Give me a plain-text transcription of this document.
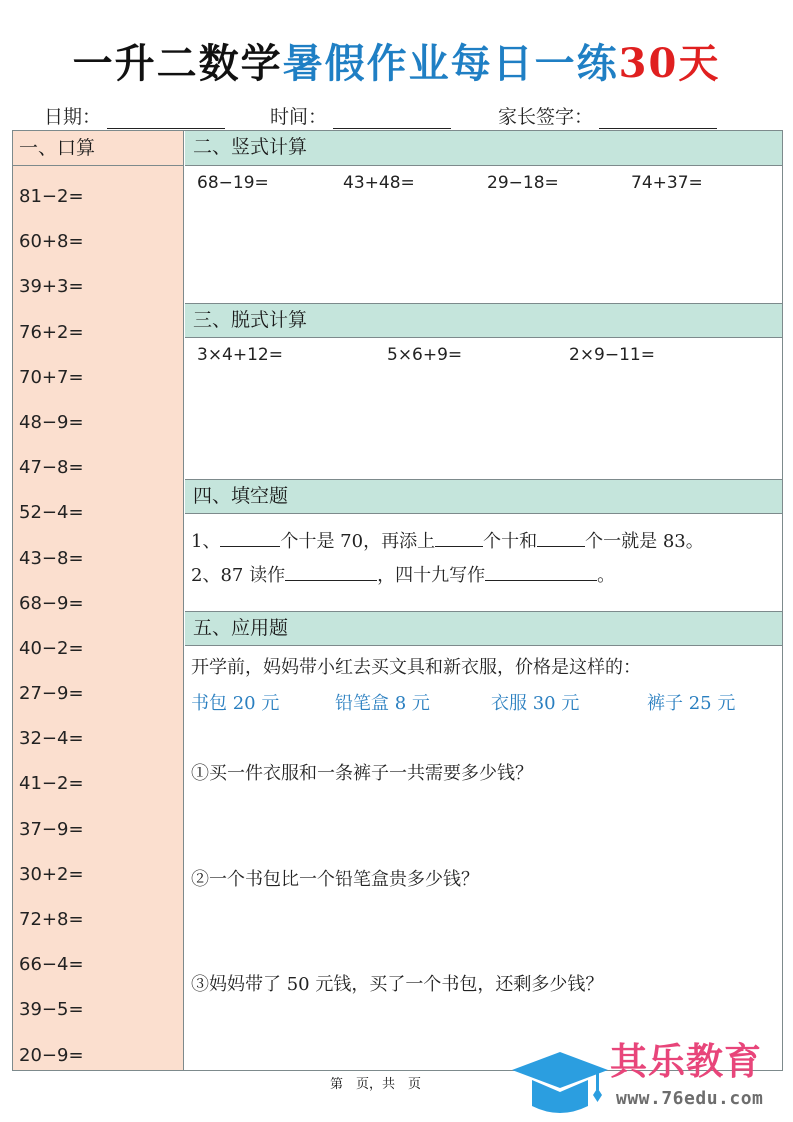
一升二数学暑假作业每日一练30天
日期：	时间：	家长签字：
一、口算
81−2=
60+8=
39+3=
76+2=
70+7=
48−9=
47−8=
52−4=
43−8=
68−9=
40−2=
27−9=
32−4=
41−2=
37−9=
30+2=
72+8=
66−4=
39−5=
20−9=
二、竖式计算
68−19=	43+48=	29−18=	74+37=
三、脱式计算
3×4+12=	5×6+9=	2×9−11=
四、填空题
1、	个十是 70，再添上	个十和	个一就是 83。
2、87 读作	，四十九写作	。
五、应用题
开学前，妈妈带小红去买文具和新衣服，价格是这样的：
书包 20 元	铅笔盒 8 元	衣服 30 元	裤子 25 元
①买一件衣服和一条裤子一共需要多少钱？
②一个书包比一个铅笔盒贵多少钱？
③妈妈带了 50 元钱，买了一个书包，还剩多少钱？
第　页，共　页
其乐教育
www.76edu.com
